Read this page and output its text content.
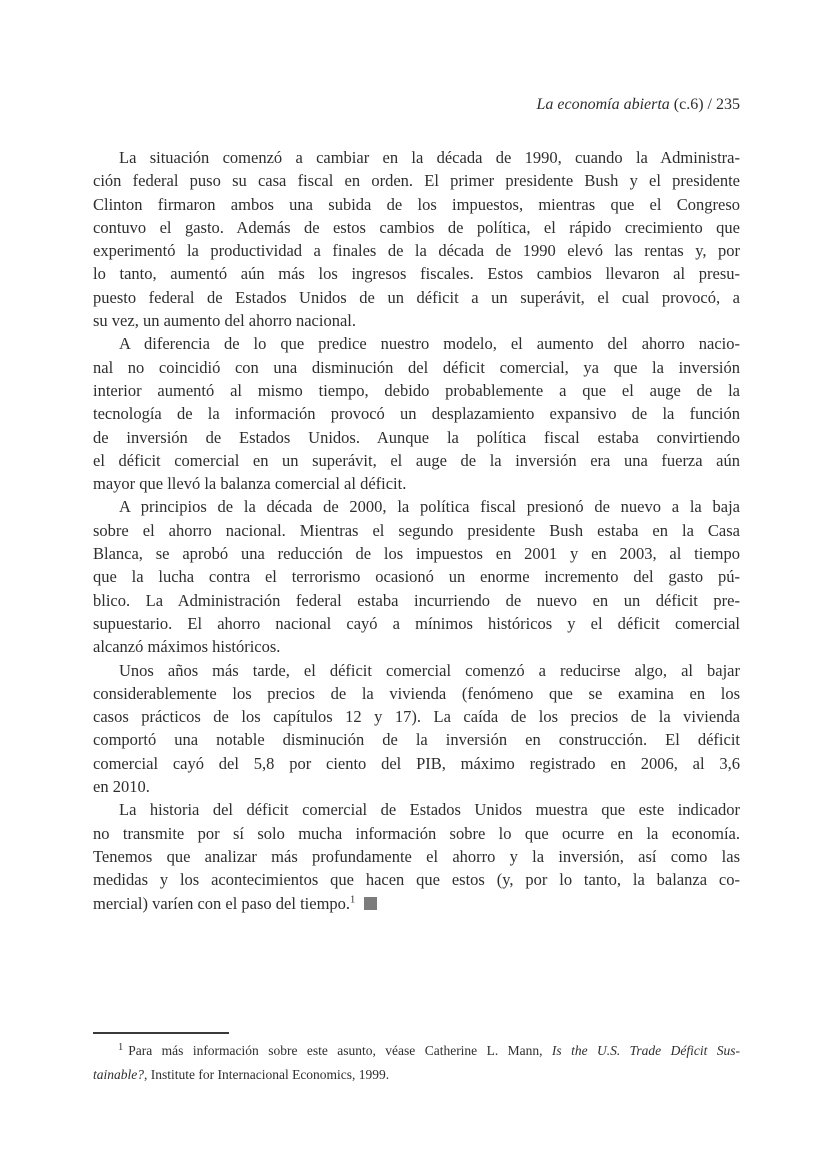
La economía abierta (c.6) / 235
La situación comenzó a cambiar en la década de 1990, cuando la Administra-
ción federal puso su casa fiscal en orden. El primer presidente Bush y el presidente
Clinton firmaron ambos una subida de los impuestos, mientras que el Congreso
contuvo el gasto. Además de estos cambios de política, el rápido crecimiento que
experimentó la productividad a finales de la década de 1990 elevó las rentas y, por
lo tanto, aumentó aún más los ingresos fiscales. Estos cambios llevaron al presu-
puesto federal de Estados Unidos de un déficit a un superávit, el cual provocó, a
su vez, un aumento del ahorro nacional.
A diferencia de lo que predice nuestro modelo, el aumento del ahorro nacio-
nal no coincidió con una disminución del déficit comercial, ya que la inversión
interior aumentó al mismo tiempo, debido probablemente a que el auge de la
tecnología de la información provocó un desplazamiento expansivo de la función
de inversión de Estados Unidos. Aunque la política fiscal estaba convirtiendo
el déficit comercial en un superávit, el auge de la inversión era una fuerza aún
mayor que llevó la balanza comercial al déficit.
A principios de la década de 2000, la política fiscal presionó de nuevo a la baja
sobre el ahorro nacional. Mientras el segundo presidente Bush estaba en la Casa
Blanca, se aprobó una reducción de los impuestos en 2001 y en 2003, al tiempo
que la lucha contra el terrorismo ocasionó un enorme incremento del gasto pú-
blico. La Administración federal estaba incurriendo de nuevo en un déficit pre-
supuestario. El ahorro nacional cayó a mínimos históricos y el déficit comercial
alcanzó máximos históricos.
Unos años más tarde, el déficit comercial comenzó a reducirse algo, al bajar
considerablemente los precios de la vivienda (fenómeno que se examina en los
casos prácticos de los capítulos 12 y 17). La caída de los precios de la vivienda
comportó una notable disminución de la inversión en construcción. El déficit
comercial cayó del 5,8 por ciento del PIB, máximo registrado en 2006, al 3,6
en 2010.
La historia del déficit comercial de Estados Unidos muestra que este indicador
no transmite por sí solo mucha información sobre lo que ocurre en la economía.
Tenemos que analizar más profundamente el ahorro y la inversión, así como las
medidas y los acontecimientos que hacen que estos (y, por lo tanto, la balanza co-
mercial) varíen con el paso del tiempo.$^1$
$^1$ Para más información sobre este asunto, véase Catherine L. Mann, Is the U.S. Trade Déficit Sus-
tainable?, Institute for Internacional Economics, 1999.
